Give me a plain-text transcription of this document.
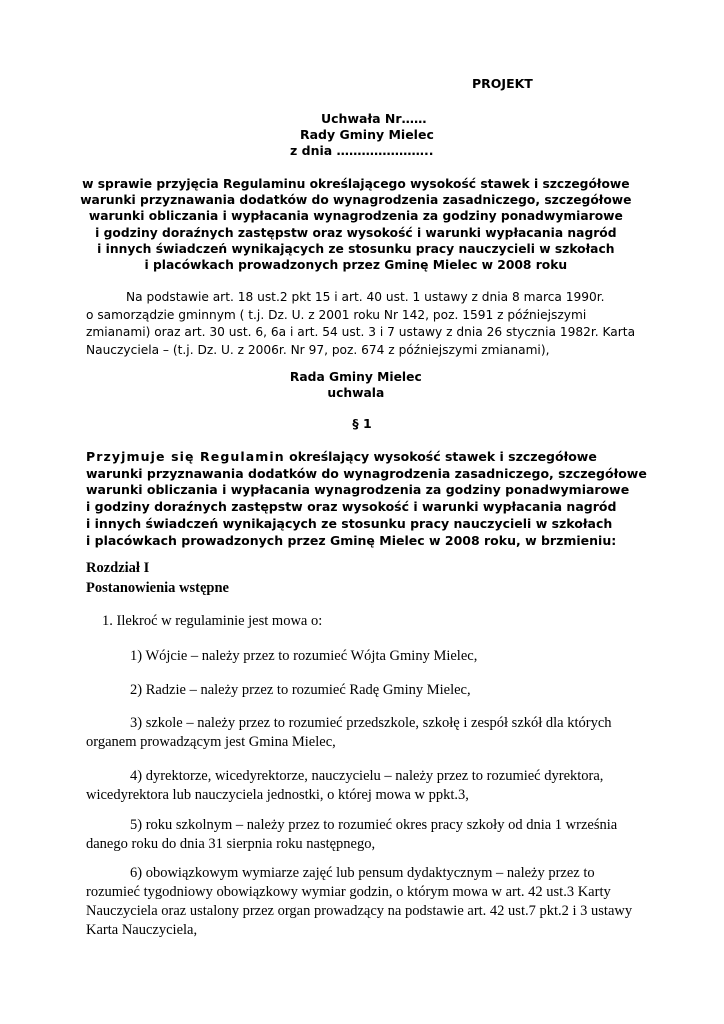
PROJEKT
Uchwała Nr……
Rady Gminy Mielec
z dnia …………………..
w sprawie przyjęcia Regulaminu określającego wysokość stawek i szczegółowe
warunki przyznawania dodatków do wynagrodzenia zasadniczego, szczegółowe
warunki obliczania i wypłacania wynagrodzenia za godziny ponadwymiarowe
i godziny doraźnych zastępstw oraz wysokość i warunki wypłacania nagród
i innych świadczeń wynikających ze stosunku pracy nauczycieli w szkołach
i placówkach prowadzonych przez Gminę Mielec w 2008 roku
Na podstawie art. 18 ust.2 pkt 15 i art. 40 ust. 1 ustawy z dnia 8 marca 1990r.
o samorządzie gminnym ( t.j. Dz. U. z 2001 roku Nr 142, poz. 1591 z późniejszymi
zmianami) oraz art. 30 ust. 6, 6a i art. 54 ust. 3 i 7 ustawy z dnia 26 stycznia 1982r. Karta
Nauczyciela – (t.j. Dz. U. z 2006r. Nr 97, poz. 674 z późniejszymi zmianami),
Rada Gminy Mielec
uchwala
§ 1
Przyjmuje się Regulamin określający wysokość stawek i szczegółowe
warunki przyznawania dodatków do wynagrodzenia zasadniczego, szczegółowe
warunki obliczania i wypłacania wynagrodzenia za godziny ponadwymiarowe
i godziny doraźnych zastępstw oraz wysokość i warunki wypłacania nagród
i innych świadczeń wynikających ze stosunku pracy nauczycieli w szkołach
i placówkach prowadzonych przez Gminę Mielec w 2008 roku, w brzmieniu:
Rozdział I
Postanowienia wstępne
1. Ilekroć w regulaminie jest mowa o:
1) Wójcie – należy przez to rozumieć Wójta Gminy Mielec,
2) Radzie – należy przez to rozumieć Radę Gminy Mielec,
3) szkole – należy przez to rozumieć przedszkole, szkołę i zespół szkół dla których
organem prowadzącym jest Gmina Mielec,
4) dyrektorze, wicedyrektorze, nauczycielu – należy przez to rozumieć dyrektora,
wicedyrektora lub nauczyciela jednostki, o której mowa w ppkt.3,
5) roku szkolnym – należy przez to rozumieć okres pracy szkoły od dnia 1 września
danego roku do dnia 31 sierpnia roku następnego,
6) obowiązkowym wymiarze zajęć lub pensum dydaktycznym – należy przez to
rozumieć tygodniowy obowiązkowy wymiar godzin, o którym mowa w art. 42 ust.3 Karty
Nauczyciela oraz ustalony przez organ prowadzący na podstawie art. 42 ust.7 pkt.2 i 3 ustawy
Karta Nauczyciela,
